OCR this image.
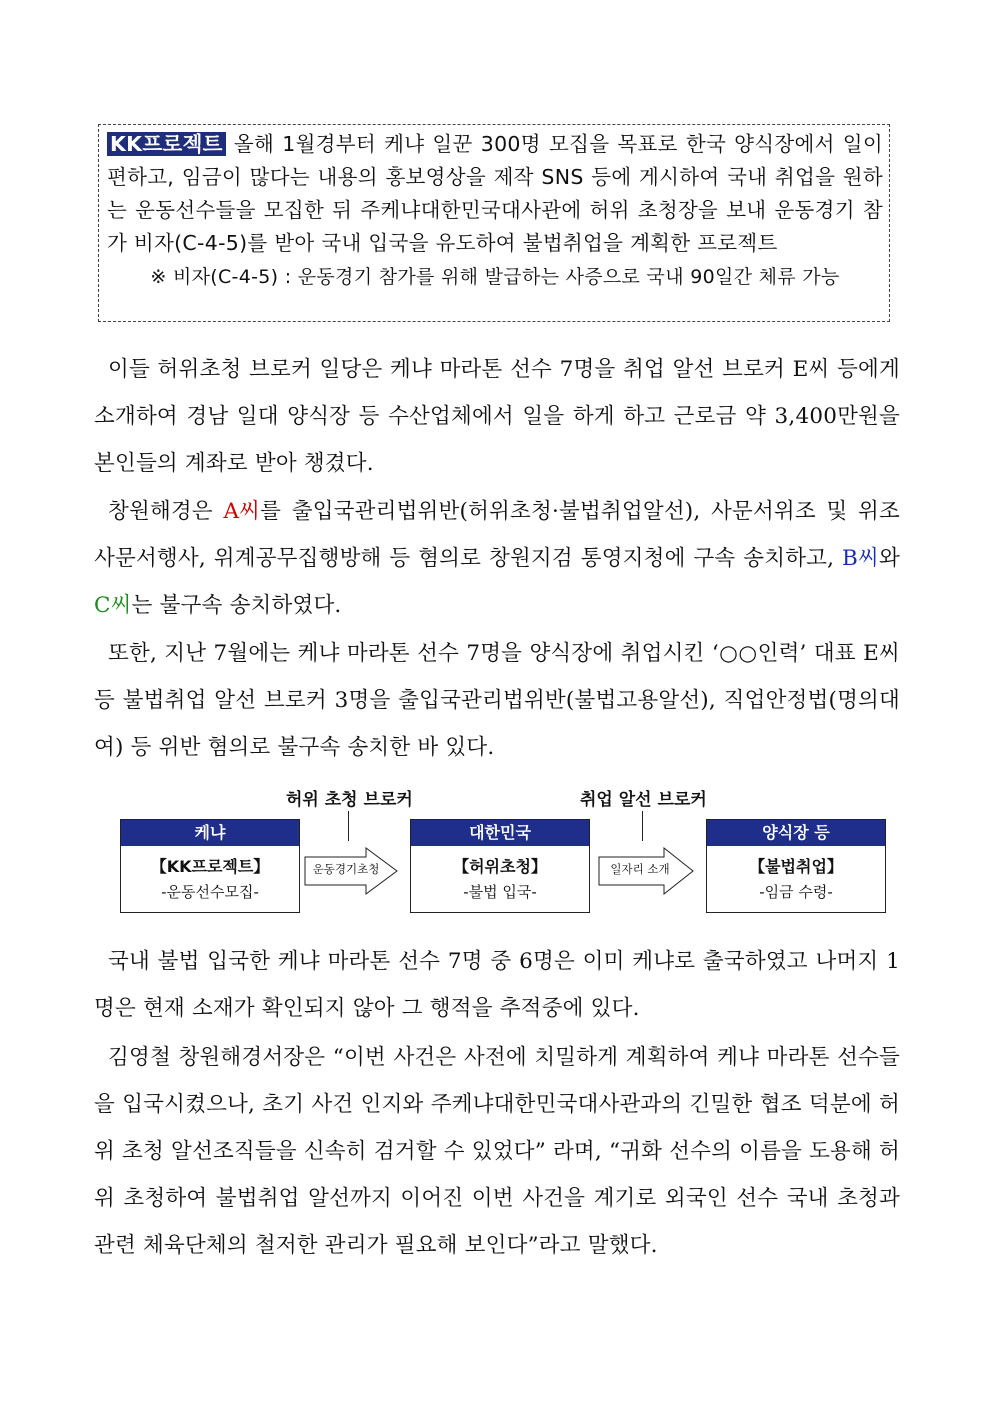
KK프로젝트 올해 1월경부터 케냐 일꾼 300명 모집을 목표로 한국 양식장에서 일이 편하고, 임금이 많다는 내용의 홍보영상을 제작 SNS 등에 게시하여 국내 취업을 원하는 운동선수들을 모집한 뒤 주케냐대한민국대사관에 허위 초청장을 보내 운동경기 참가 비자(C-4-5)를 받아 국내 입국을 유도하여 불법취업을 계획한 프로젝트
※ 비자(C-4-5) : 운동경기 참가를 위해 발급하는 사증으로 국내 90일간 체류 가능

이들 허위초청 브로커 일당은 케냐 마라톤 선수 7명을 취업 알선 브로커 E씨 등에게 소개하여 경남 일대 양식장 등 수산업체에서 일을 하게 하고 근로금 약 3,400만원을 본인들의 계좌로 받아 챙겼다.

창원해경은 A씨를 출입국관리법위반(허위초청·불법취업알선), 사문서위조 및 위조사문서행사, 위계공무집행방해 등 혐의로 창원지검 통영지청에 구속 송치하고, B씨와 C씨는 불구속 송치하였다.

또한, 지난 7월에는 케냐 마라톤 선수 7명을 양식장에 취업시킨 ‘○○인력’ 대표 E씨 등 불법취업 알선 브로커 3명을 출입국관리법위반(불법고용알선), 직업안정법(명의대여) 등 위반 혐의로 불구속 송치한 바 있다.

허위 초청 브로커	취업 알선 브로커
케냐
【KK프로젝트】
-운동선수모집-
운동경기초청
대한민국
【허위초청】
-불법 입국-
일자리 소개
양식장 등
【불법취업】
-임금 수령-

국내 불법 입국한 케냐 마라톤 선수 7명 중 6명은 이미 케냐로 출국하였고 나머지 1명은 현재 소재가 확인되지 않아 그 행적을 추적중에 있다.

김영철 창원해경서장은 “이번 사건은 사전에 치밀하게 계획하여 케냐 마라톤 선수들을 입국시켰으나, 초기 사건 인지와 주케냐대한민국대사관과의 긴밀한 협조 덕분에 허위 초청 알선조직들을 신속히 검거할 수 있었다” 라며, “귀화 선수의 이름을 도용해 허위 초청하여 불법취업 알선까지 이어진 이번 사건을 계기로 외국인 선수 국내 초청과 관련 체육단체의 철저한 관리가 필요해 보인다”라고 말했다.
